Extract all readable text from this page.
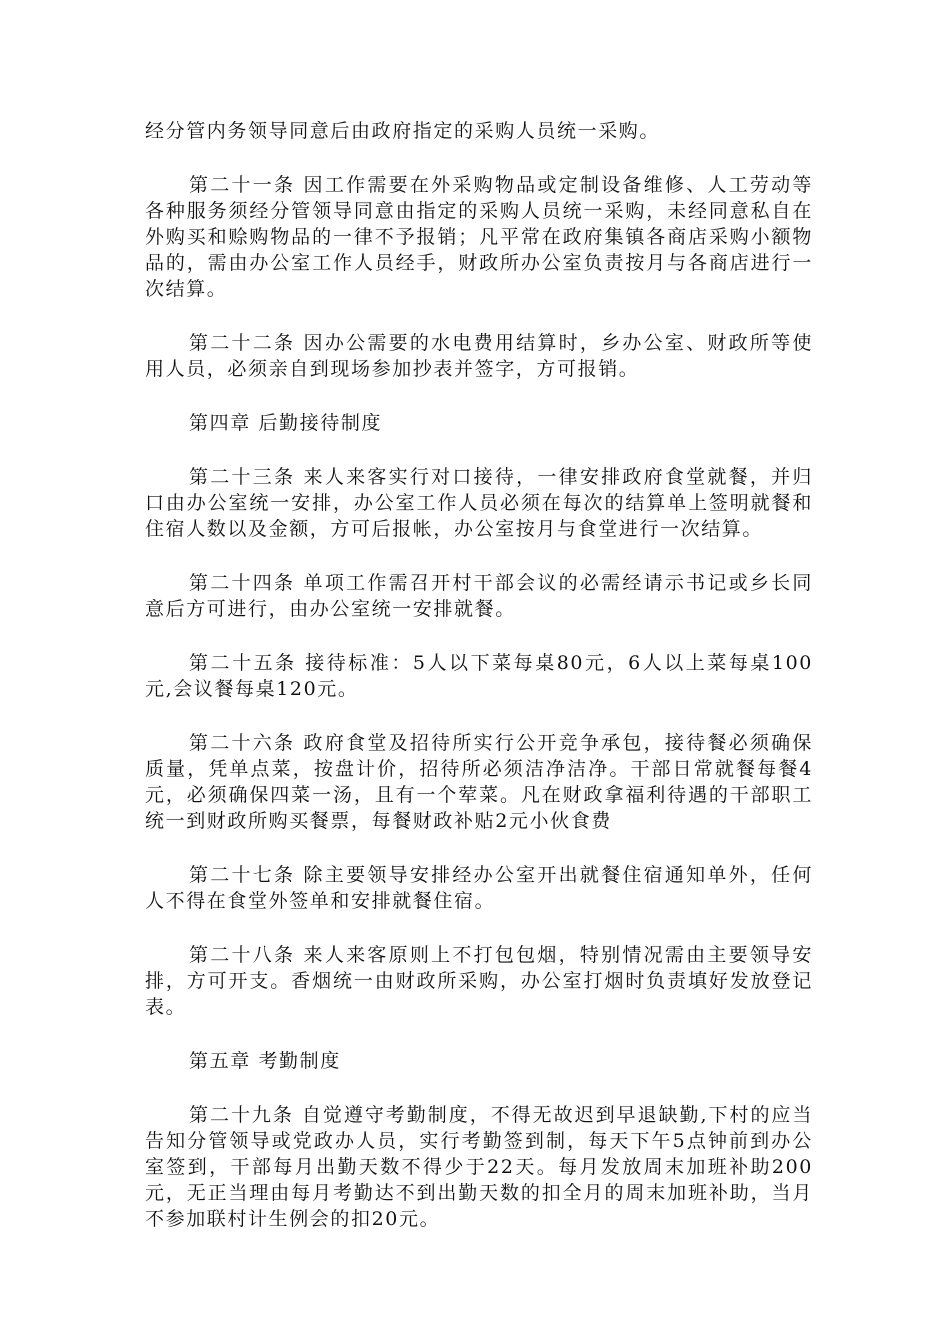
经分管内务领导同意后由政府指定的采购人员统一采购。

第二十一条 因工作需要在外采购物品或定制设备维修、人工劳动等各种服务须经分管领导同意由指定的采购人员统一采购，未经同意私自在外购买和赊购物品的一律不予报销；凡平常在政府集镇各商店采购小额物品的，需由办公室工作人员经手，财政所办公室负责按月与各商店进行一次结算。

第二十二条 因办公需要的水电费用结算时，乡办公室、财政所等使用人员，必须亲自到现场参加抄表并签字，方可报销。

第四章 后勤接待制度

第二十三条 来人来客实行对口接待，一律安排政府食堂就餐，并归口由办公室统一安排，办公室工作人员必须在每次的结算单上签明就餐和住宿人数以及金额，方可后报帐，办公室按月与食堂进行一次结算。

第二十四条 单项工作需召开村干部会议的必需经请示书记或乡长同意后方可进行，由办公室统一安排就餐。

第二十五条 接待标准：5人以下菜每桌80元，6人以上菜每桌100元,会议餐每桌120元。

第二十六条 政府食堂及招待所实行公开竞争承包，接待餐必须确保质量，凭单点菜，按盘计价，招待所必须洁净洁净。干部日常就餐每餐4元，必须确保四菜一汤，且有一个荤菜。凡在财政拿福利待遇的干部职工统一到财政所购买餐票，每餐财政补贴2元小伙食费

第二十七条 除主要领导安排经办公室开出就餐住宿通知单外，任何人不得在食堂外签单和安排就餐住宿。

第二十八条 来人来客原则上不打包包烟，特别情况需由主要领导安排，方可开支。香烟统一由财政所采购，办公室打烟时负责填好发放登记表。

第五章 考勤制度

第二十九条 自觉遵守考勤制度，不得无故迟到早退缺勤,下村的应当告知分管领导或党政办人员，实行考勤签到制，每天下午5点钟前到办公室签到，干部每月出勤天数不得少于22天。每月发放周末加班补助200元，无正当理由每月考勤达不到出勤天数的扣全月的周末加班补助，当月不参加联村计生例会的扣20元。
